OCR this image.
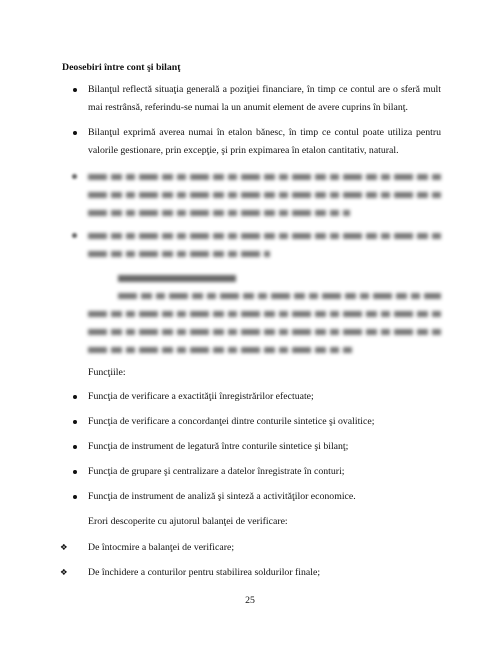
Deosebiri între cont şi bilanţ
Bilanţul reflectă situaţia generală a poziţiei financiare, în timp ce contul are o sferă mult mai restrânsă, referindu-se numai la un anumit element de avere cuprins în bilanţ.
Bilanţul exprimă averea numai în etalon bănesc, în timp ce contul poate utiliza pentru valorile gestionare, prin excepţie, şi prin expimarea în etalon cantitativ, natural.
Funcţiile:
Funcţia de verificare a exactităţii înregistrărilor efectuate;
Funcţia de verificare a concordanţei dintre conturile sintetice şi ovalitice;
Funcţia de instrument de legatură între conturile sintetice şi bilanţ;
Funcţia de grupare şi centralizare a datelor înregistrate în conturi;
Funcţia de instrument de analiză şi sinteză a activităţilor economice.
Erori descoperite cu ajutorul balanţei de verificare:
❖ De întocmire a balanţei de verificare;
❖ De închidere a conturilor pentru stabilirea soldurilor finale;
25
